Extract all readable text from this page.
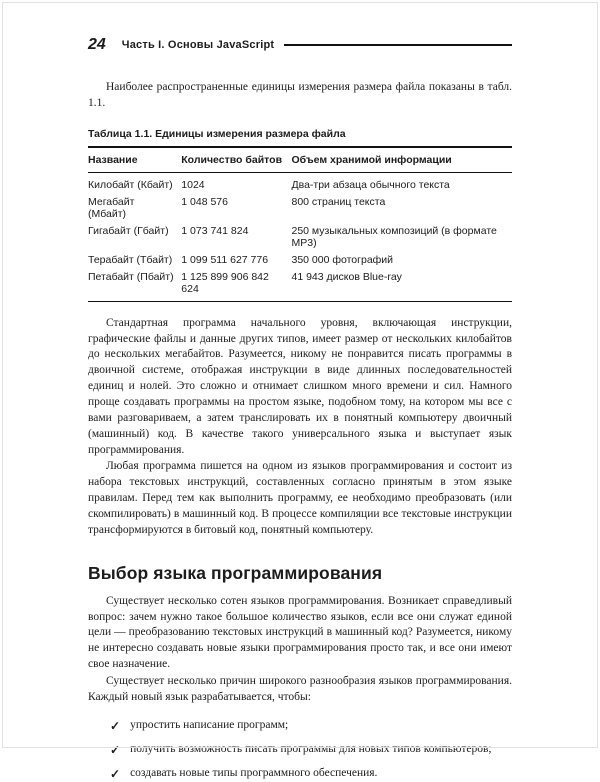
24 Часть I. Основы JavaScript

Наиболее распространенные единицы измерения размера файла показаны в табл. 1.1.

Таблица 1.1. Единицы измерения размера файла
Название	Количество байтов	Объем хранимой информации
Килобайт (Кбайт)	1024	Два-три абзаца обычного текста
Мегабайт (Мбайт)	1 048 576	800 страниц текста
Гигабайт (Гбайт)	1 073 741 824	250 музыкальных композиций (в формате MP3)
Терабайт (Тбайт)	1 099 511 627 776	350 000 фотографий
Петабайт (Пбайт)	1 125 899 906 842 624	41 943 дисков Blue-ray

Стандартная программа начального уровня, включающая инструкции, графические файлы и данные других типов, имеет размер от нескольких килобайтов до нескольких мегабайтов. Разумеется, никому не понравится писать программы в двоичной системе, отображая инструкции в виде длинных последовательностей единиц и нолей. Это сложно и отнимает слишком много времени и сил. Намного проще создавать программы на простом языке, подобном тому, на котором мы все с вами разговариваем, а затем транслировать их в понятный компьютеру двоичный (машинный) код. В качестве такого универсального языка и выступает язык программирования.

Любая программа пишется на одном из языков программирования и состоит из набора текстовых инструкций, составленных согласно принятым в этом языке правилам. Перед тем как выполнить программу, ее необходимо преобразовать (или скомпилировать) в машинный код. В процессе компиляции все текстовые инструкции трансформируются в битовый код, понятный компьютеру.

Выбор языка программирования

Существует несколько сотен языков программирования. Возникает справедливый вопрос: зачем нужно такое большое количество языков, если все они служат единой цели — преобразованию текстовых инструкций в машинный код? Разумеется, никому не интересно создавать новые языки программирования просто так, и все они имеют свое назначение.

Существует несколько причин широкого разнообразия языков программирования. Каждый новый язык разрабатывается, чтобы:

✓ упростить написание программ;
✓ получить возможность писать программы для новых типов компьютеров;
✓ создавать новые типы программного обеспечения.
